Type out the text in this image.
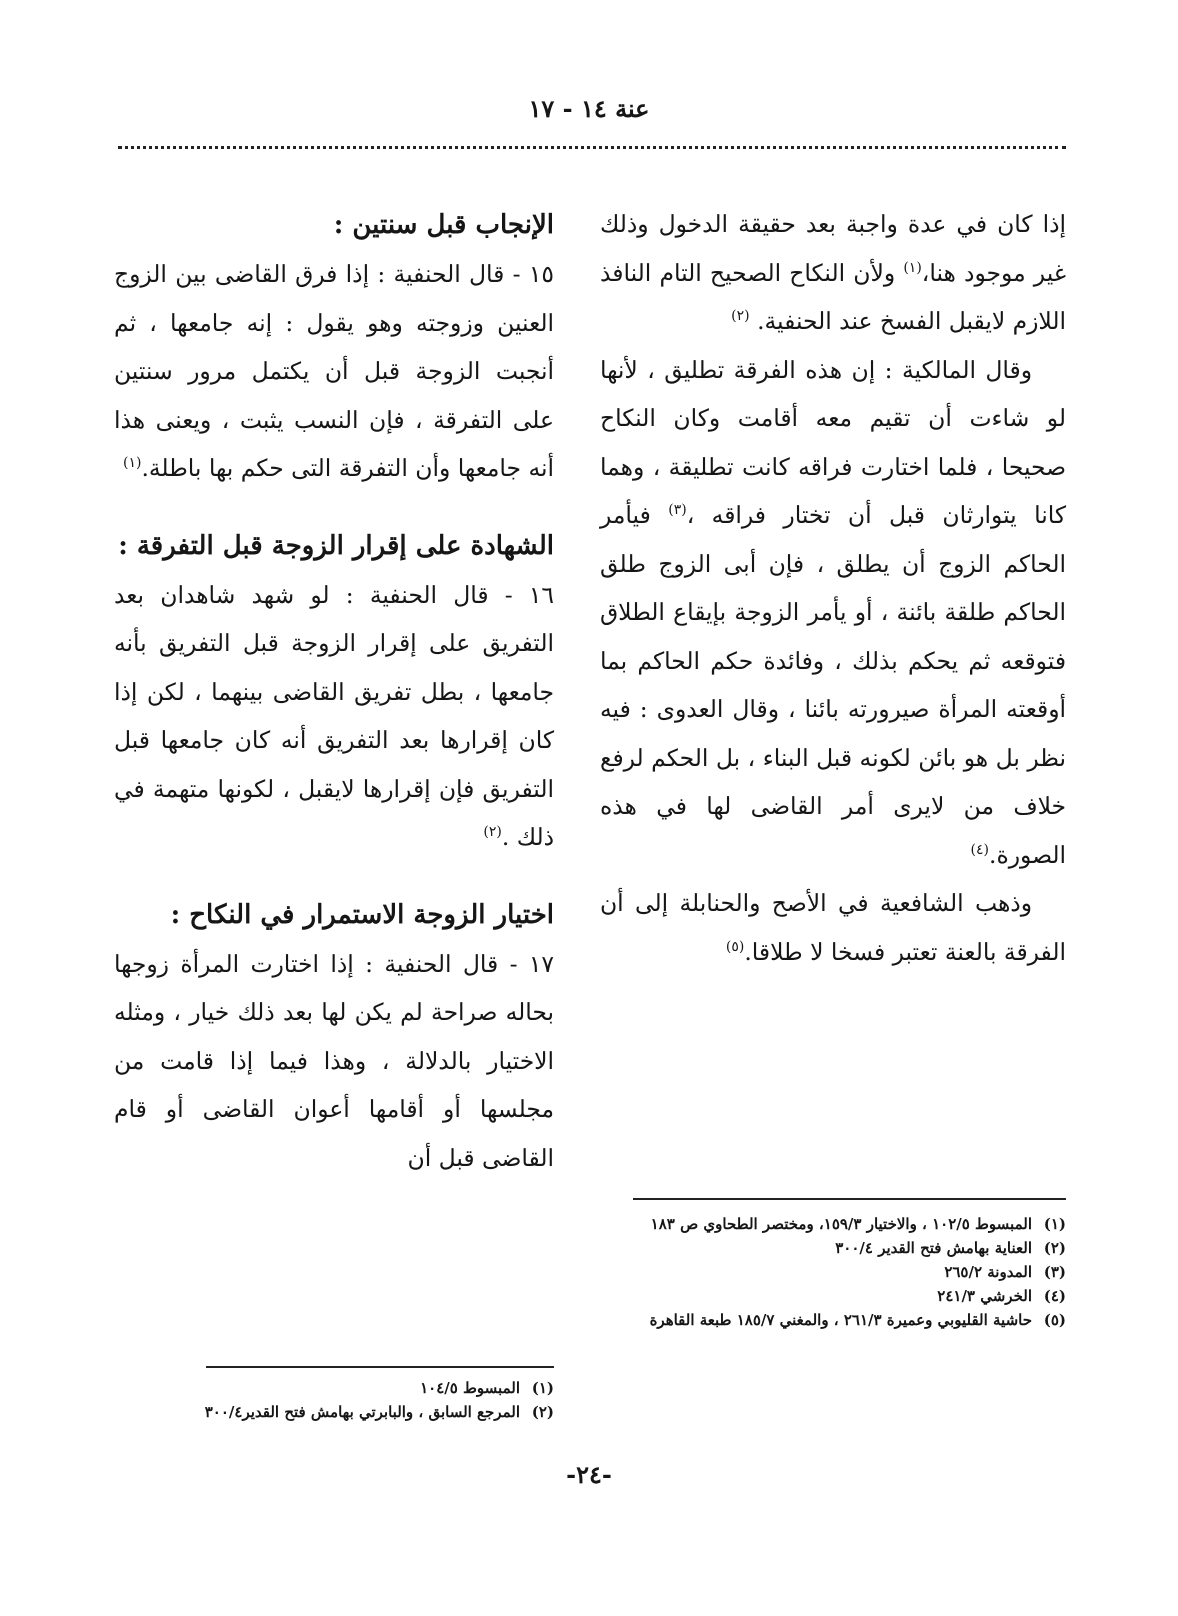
عنة ١٤ - ١٧

إذا كان في عدة واجبة بعد حقيقة الدخول وذلك غير موجود هنا،$^{(١)}$ ولأن النكاح الصحيح التام النافذ اللازم لايقبل الفسخ عند الحنفية. $^{(٢)}$

وقال المالكية : إن هذه الفرقة تطليق ، لأنها لو شاءت أن تقيم معه أقامت وكان النكاح صحيحا ، فلما اختارت فراقه كانت تطليقة ، وهما كانا يتوارثان قبل أن تختار فراقه ،$^{(٣)}$ فيأمر الحاكم الزوج أن يطلق ، فإن أبى الزوج طلق الحاكم طلقة بائنة ، أو يأمر الزوجة بإيقاع الطلاق فتوقعه ثم يحكم بذلك ، وفائدة حكم الحاكم بما أوقعته المرأة صيرورته بائنا ، وقال العدوى : فيه نظر بل هو بائن لكونه قبل البناء ، بل الحكم لرفع خلاف من لايرى أمر القاضى لها في هذه الصورة.$^{(٤)}$

وذهب الشافعية في الأصح والحنابلة إلى أن الفرقة بالعنة تعتبر فسخا لا طلاقا.$^{(٥)}$

(١)المبسوط ١٠٢/٥ ، والاختيار ١٥٩/٣، ومختصر الطحاوي ص ١٨٣
(٢)العناية بهامش فتح القدير ٣٠٠/٤
(٣)المدونة ٢٦٥/٢
(٤)الخرشي ٢٤١/٣
(٥)حاشية القليوبي وعميرة ٢٦١/٣ ، والمغني ١٨٥/٧ طبعة القاهرة
الإنجاب قبل سنتين :

١٥ - قال الحنفية : إذا فرق القاضى بين الزوج العنين وزوجته وهو يقول : إنه جامعها ، ثم أنجبت الزوجة قبل أن يكتمل مرور سنتين على التفرقة ، فإن النسب يثبت ، ويعنى هذا أنه جامعها وأن التفرقة التى حكم بها باطلة.$^{(١)}$

الشهادة على إقرار الزوجة قبل التفرقة :

١٦ - قال الحنفية : لو شهد شاهدان بعد التفريق على إقرار الزوجة قبل التفريق بأنه جامعها ، بطل تفريق القاضى بينهما ، لكن إذا كان إقرارها بعد التفريق أنه كان جامعها قبل التفريق فإن إقرارها لايقبل ، لكونها متهمة في ذلك .$^{(٢)}$

اختيار الزوجة الاستمرار في النكاح :

١٧ - قال الحنفية : إذا اختارت المرأة زوجها بحاله صراحة لم يكن لها بعد ذلك خيار ، ومثله الاختيار بالدلالة ، وهذا فيما إذا قامت من مجلسها أو أقامها أعوان القاضى أو قام القاضى قبل أن

(١)المبسوط ١٠٤/٥
(٢)المرجع السابق ، والبابرتي بهامش فتح القدير٣٠٠/٤
-٢٤-
